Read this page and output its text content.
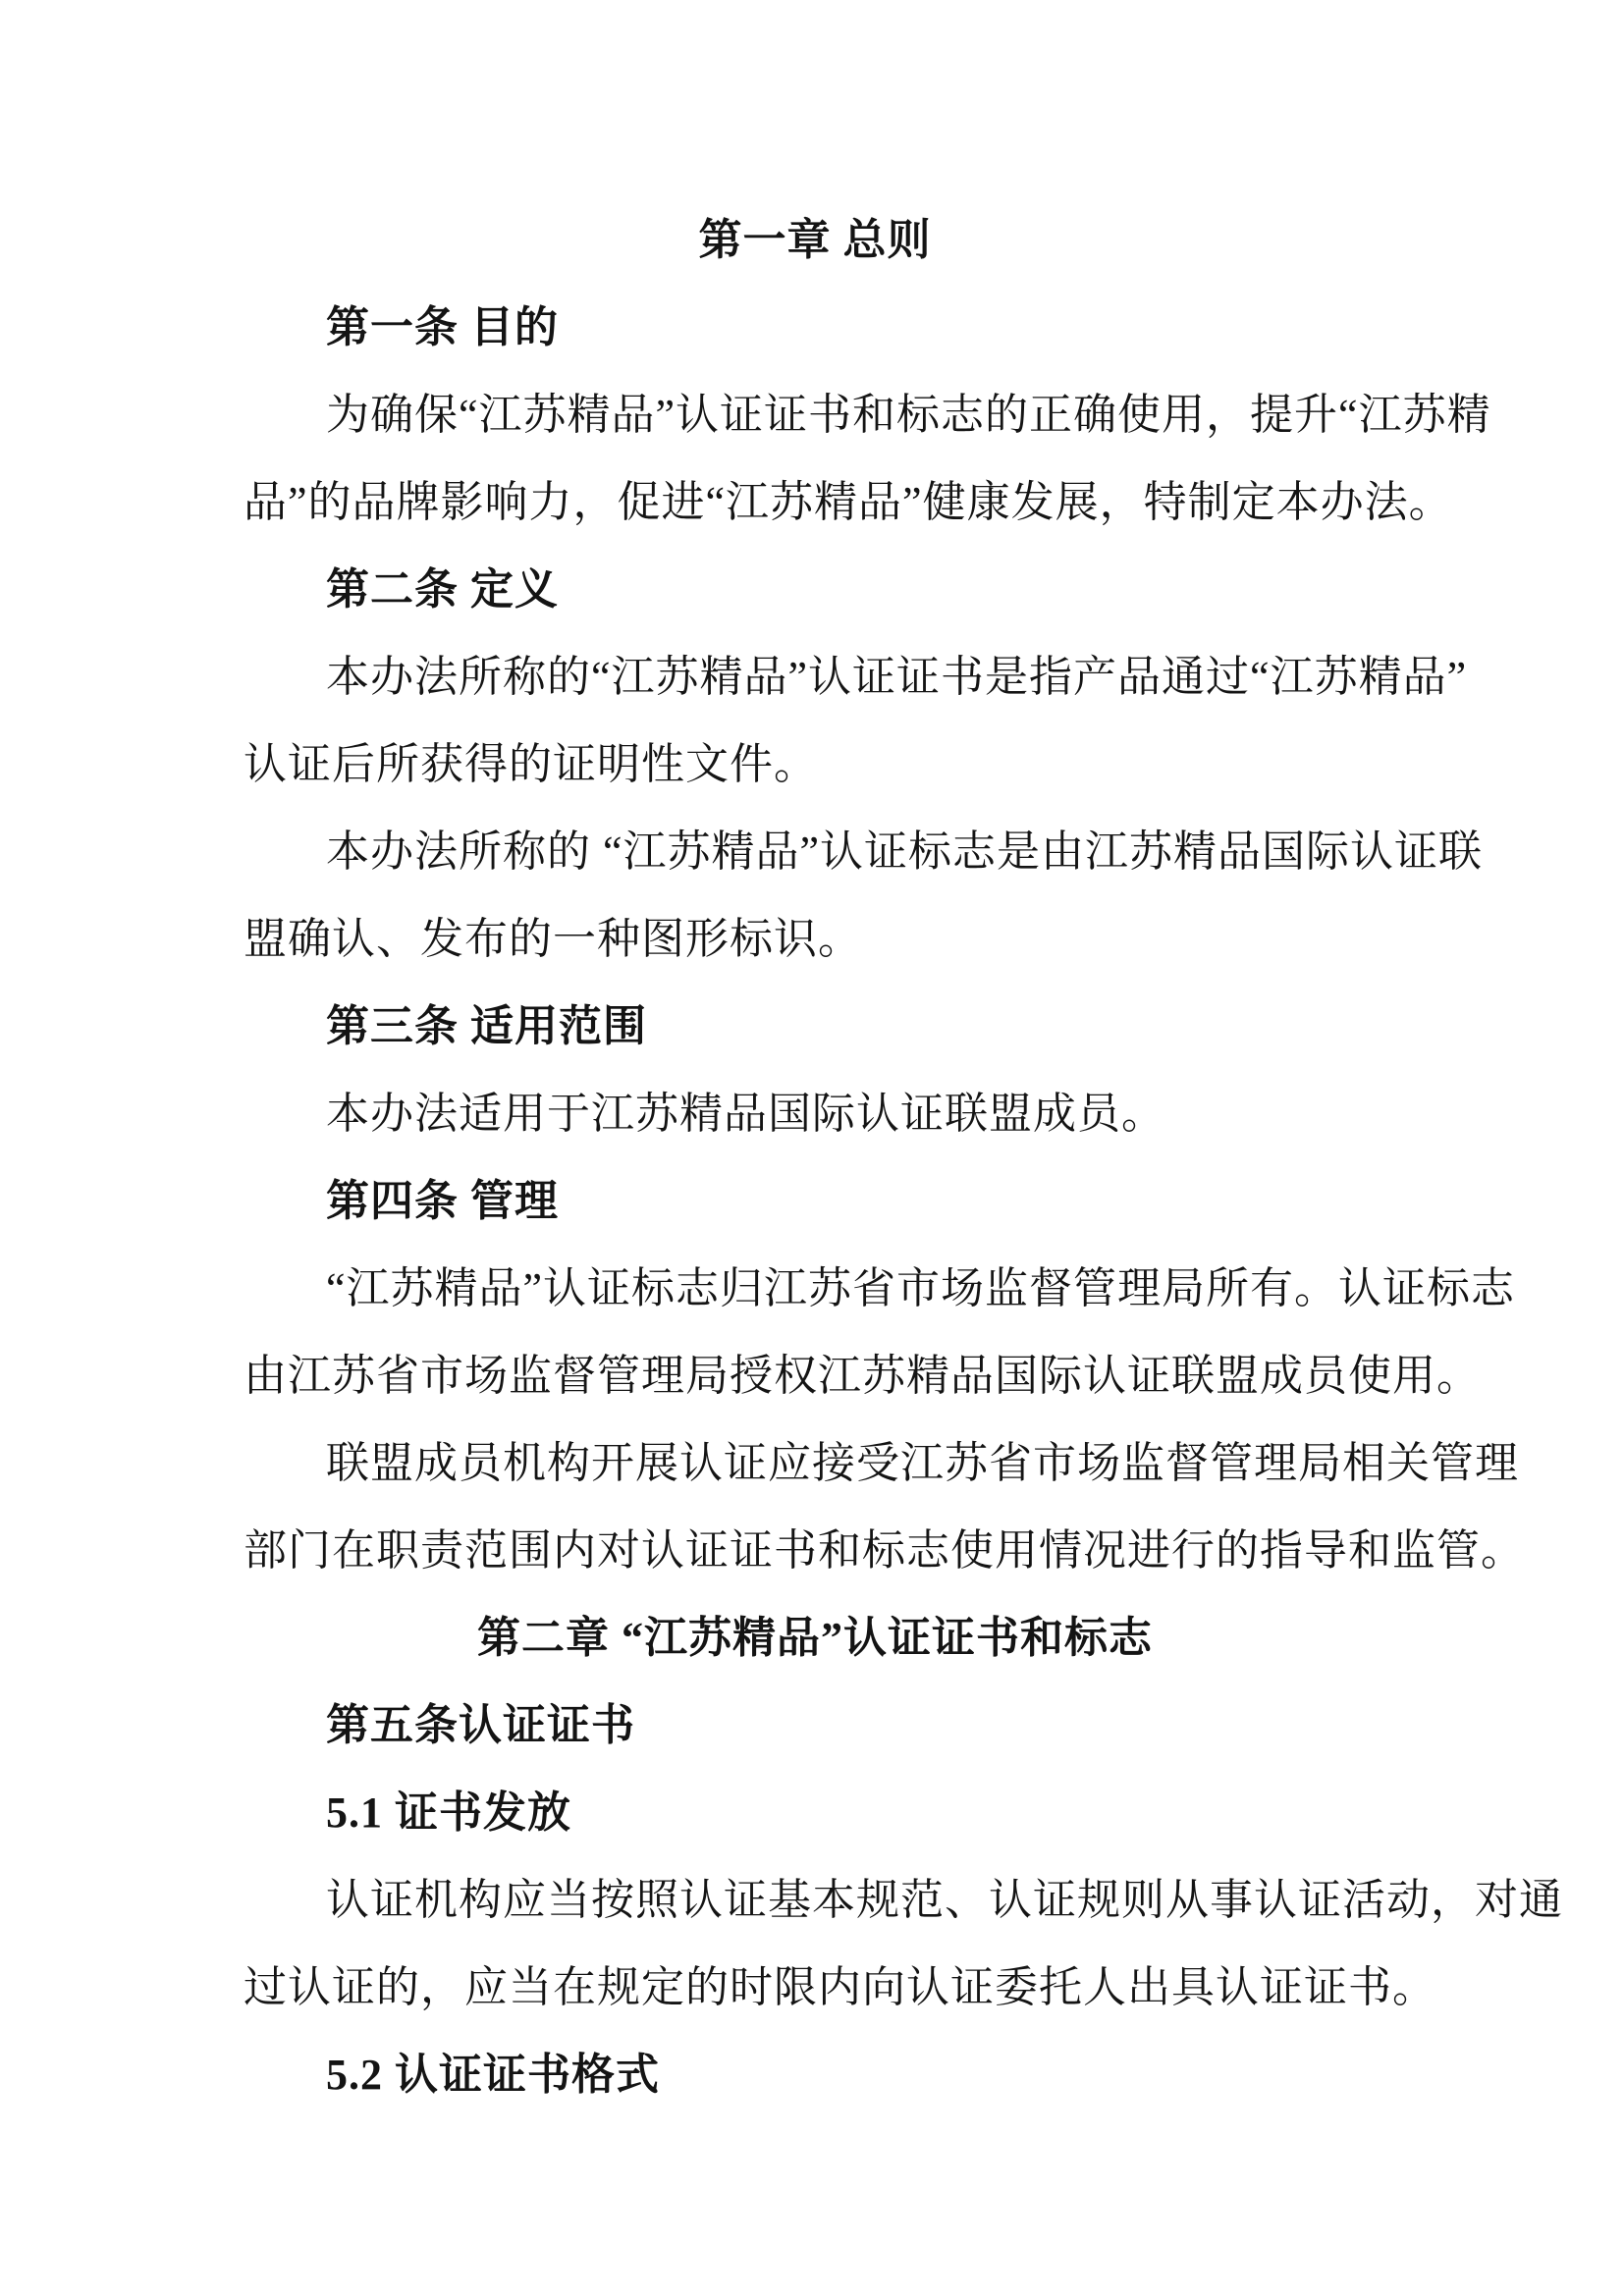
第一章 总则
第一条 目的
为确保“江苏精品”认证证书和标志的正确使用，提升“江苏精
品”的品牌影响力，促进“江苏精品”健康发展，特制定本办法。
第二条 定义
本办法所称的“江苏精品”认证证书是指产品通过“江苏精品”
认证后所获得的证明性文件。
本办法所称的 “江苏精品”认证标志是由江苏精品国际认证联
盟确认、发布的一种图形标识。
第三条 适用范围
本办法适用于江苏精品国际认证联盟成员。
第四条 管理
“江苏精品”认证标志归江苏省市场监督管理局所有。认证标志
由江苏省市场监督管理局授权江苏精品国际认证联盟成员使用。
联盟成员机构开展认证应接受江苏省市场监督管理局相关管理
部门在职责范围内对认证证书和标志使用情况进行的指导和监管。
第二章 “江苏精品”认证证书和标志
第五条认证证书
5.1 证书发放
认证机构应当按照认证基本规范、认证规则从事认证活动，对通
过认证的，应当在规定的时限内向认证委托人出具认证证书。
5.2 认证证书格式
